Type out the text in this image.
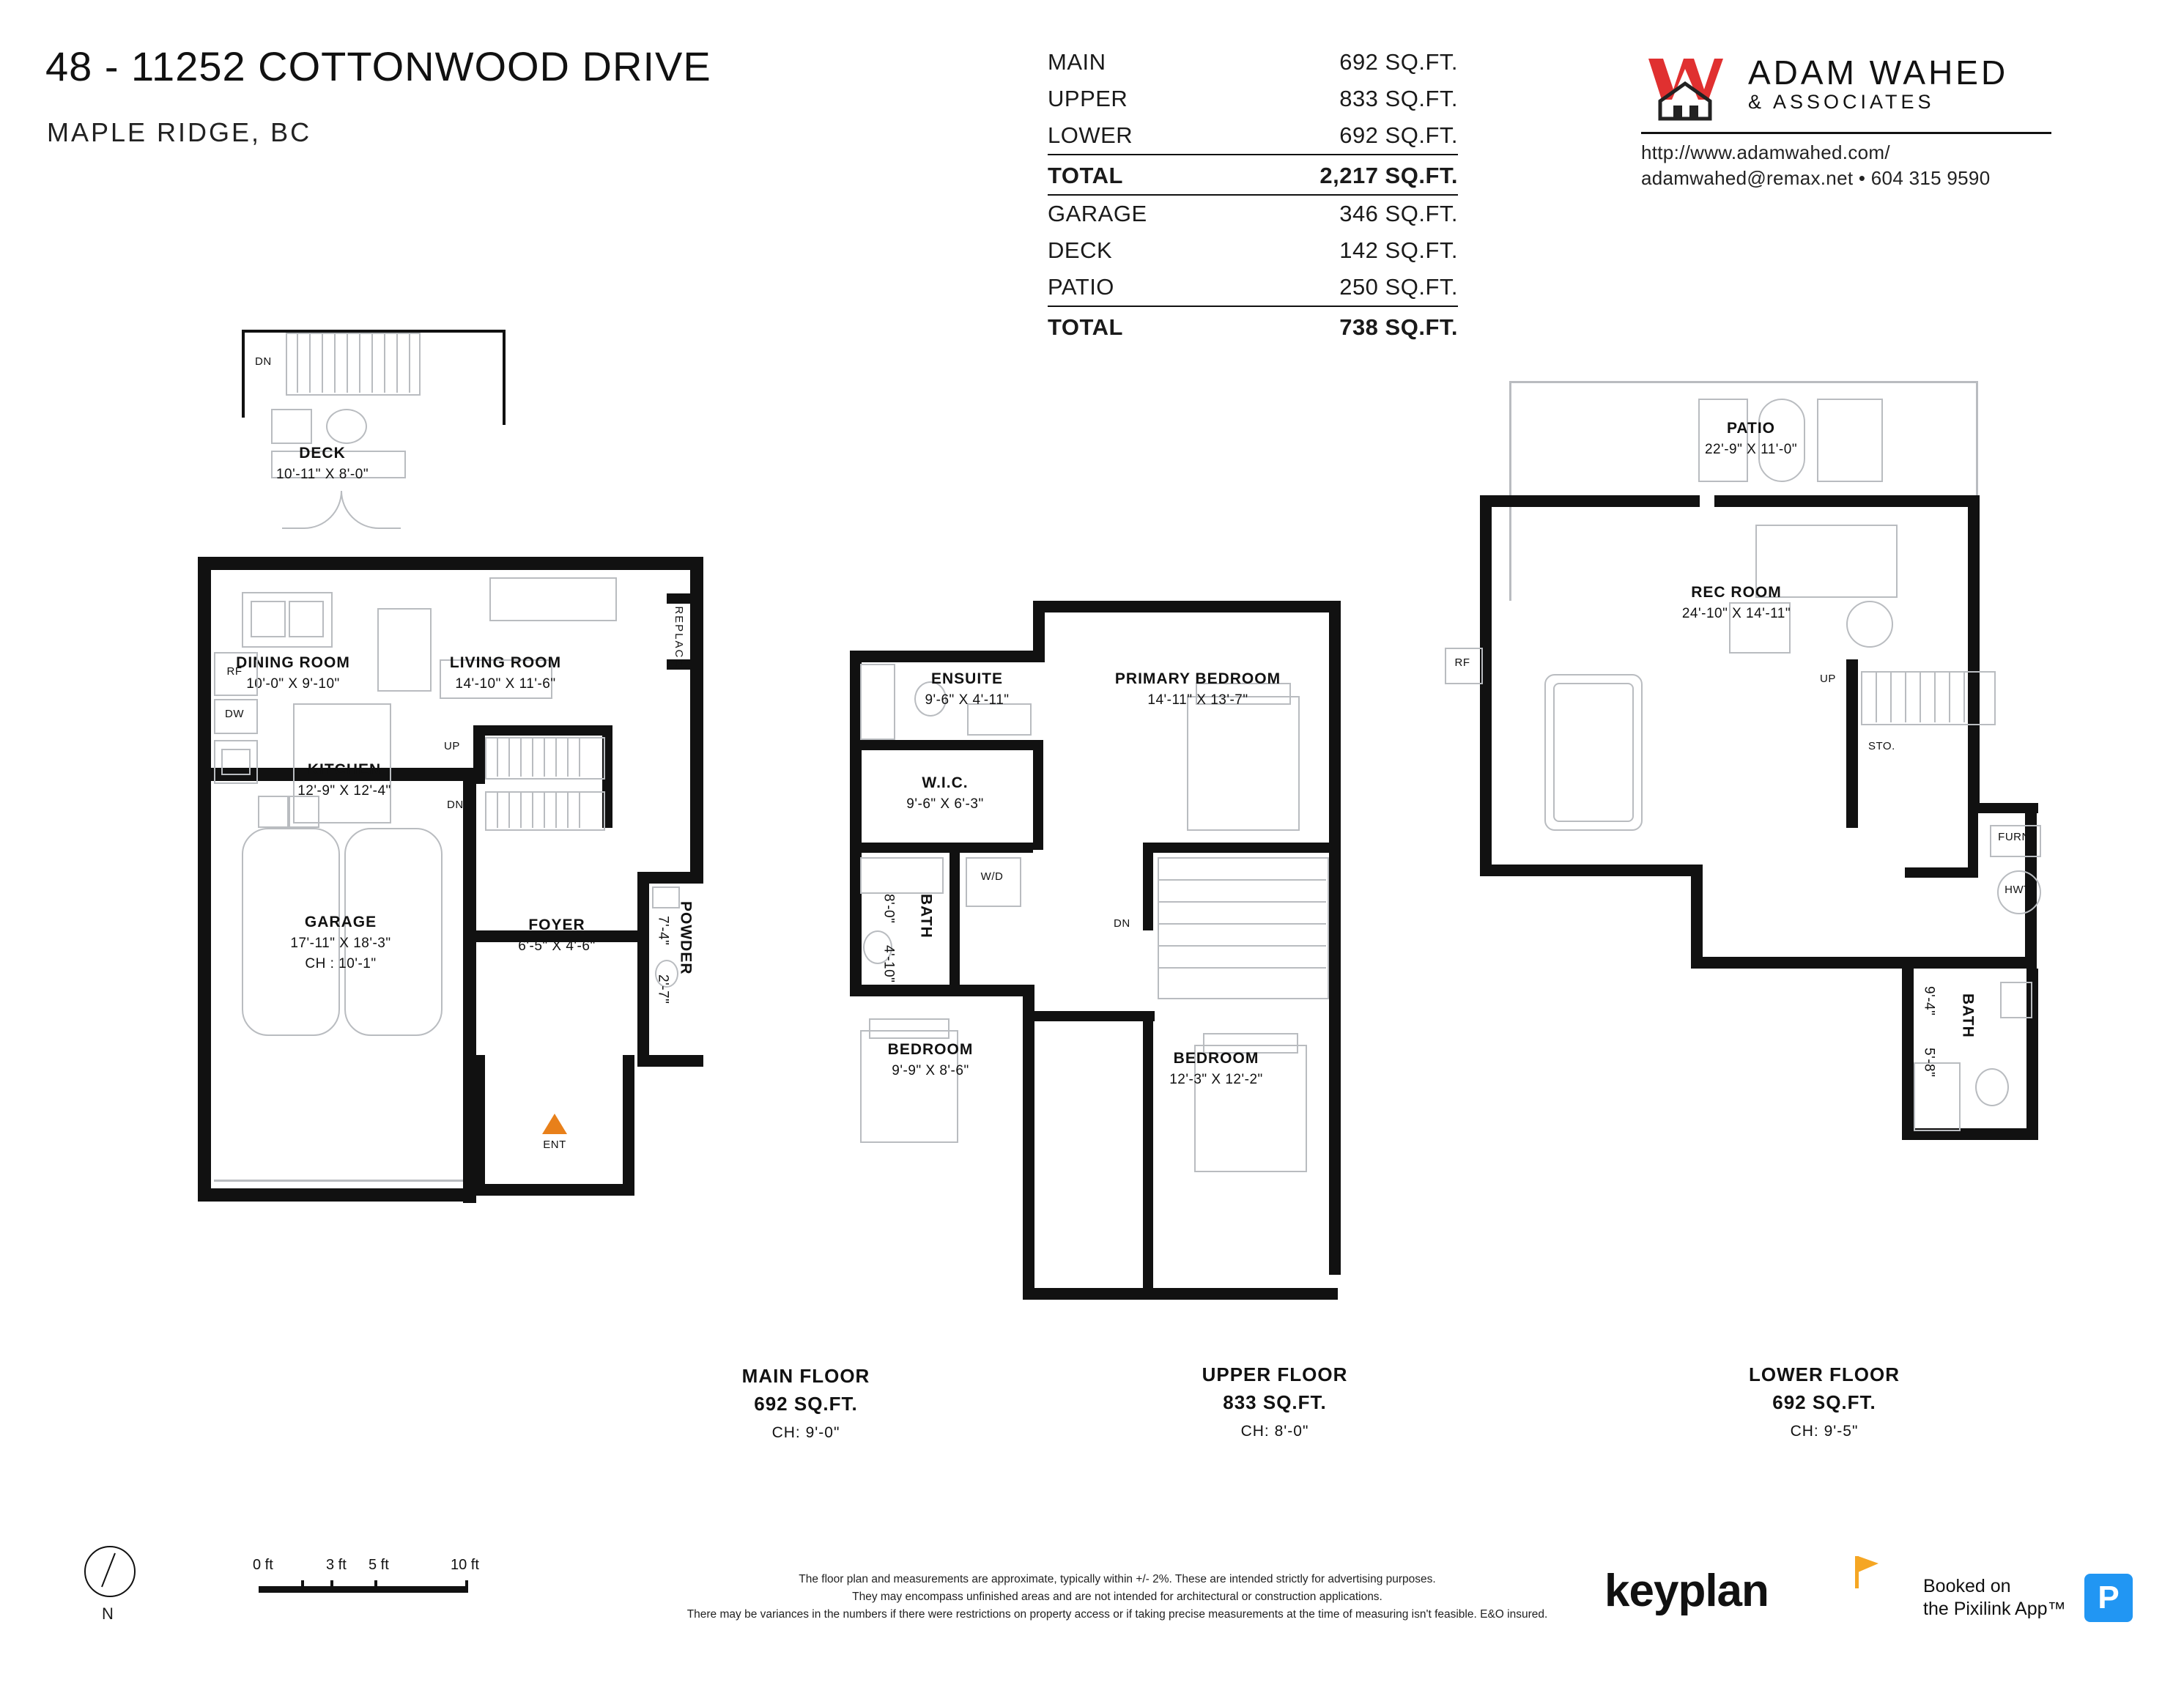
48 - 11252 COTTONWOOD DRIVE
MAPLE RIDGE, BC
MAIN	692 SQ.FT.
UPPER	833 SQ.FT.
LOWER	692 SQ.FT.
TOTAL	2,217 SQ.FT.
GARAGE	346 SQ.FT.
DECK	142 SQ.FT.
PATIO	250 SQ.FT.
TOTAL	738 SQ.FT.
ADAM WAHED
& ASSOCIATES
http://www.adamwahed.com/
adamwahed@remax.net • 604 315 9590
DN
DECK
10'-11" X 8'-0"
FIREPLACE
DINING ROOM
10'-0" X 9'-10"
LIVING ROOM
14'-10" X 11'-6"
RF
DW
KITCHEN
12'-9" X 12'-4"
UP
DN
POWDER
7'-4"
2'-7"
GARAGE
17'-11" X 18'-3"
CH : 10'-1"
FOYER
6'-5" X 4'-6"
ENT
MAIN FLOOR
692 SQ.FT.
CH: 9'-0"
ENSUITE
9'-6" X 4'-11"
W.I.C.
9'-6" X 6'-3"
PRIMARY BEDROOM
14'-11" X 13'-7"
BATH
8'-0"
4'-10"
W/D
DN
BEDROOM
9'-9" X 8'-6"
BEDROOM
12'-3" X 12'-2"
UPPER FLOOR
833 SQ.FT.
CH: 8'-0"
PATIO
22'-9" X 11'-0"
RF
REC ROOM
24'-10" X 14'-11"
UP
STO.
FURN
HWT
BATH
9'-4"
5'-8"
LOWER FLOOR
692 SQ.FT.
CH: 9'-5"
N
0 ft	3 ft 5 ft	10 ft
The floor plan and measurements are approximate, typically within +/- 2%. These are intended strictly for advertising purposes.
They may encompass unfinished areas and are not intended for architectural or construction applications.
There may be variances in the numbers if there were restrictions on property access or if taking precise measurements at the time of measuring isn't feasible. E&O insured.	keyplan	Booked on
the Pixilink App™ P
